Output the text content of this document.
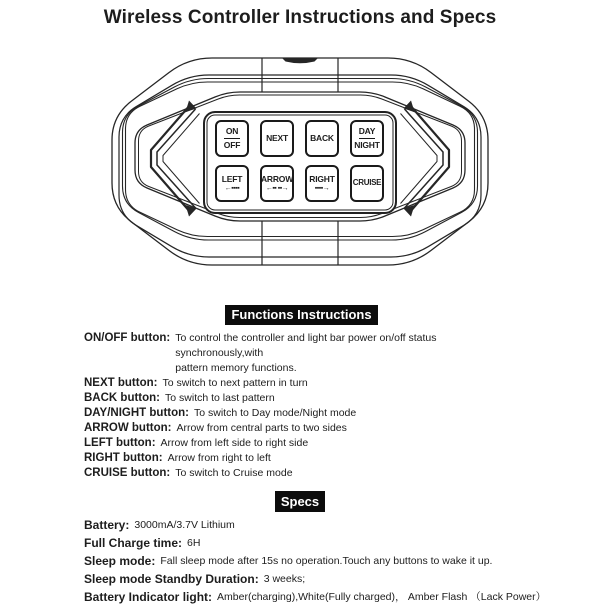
Wireless Controller Instructions and Specs
ON
OFF
NEXT	BACK
DAY
NIGHT
LEFT
←▪▪▪▪
ARROW
←▪▪ ▪▪→
RIGHT
▪▪▪▪→
CRUISE
Functions Instructions
ON/OFF button: To control the controller and light bar power on/off status synchronously,with
pattern memory functions.
NEXT button: To switch to next pattern in turn
BACK button: To switch to last pattern
DAY/NIGHT button: To switch to Day mode/Night mode
ARROW button: Arrow from central parts to two sides
LEFT button: Arrow from left side to right side
RIGHT button: Arrow from right to left
CRUISE button: To switch to Cruise mode
Specs
Battery: 3000mA/3.7V Lithium
Full Charge time: 6H
Sleep mode: Fall sleep mode after 15s no operation.Touch any buttons to wake it up.
Sleep mode Standby Duration: 3 weeks;
Battery Indicator light: Amber(charging),White(Fully charged)， Amber Flash （Lack Power）
